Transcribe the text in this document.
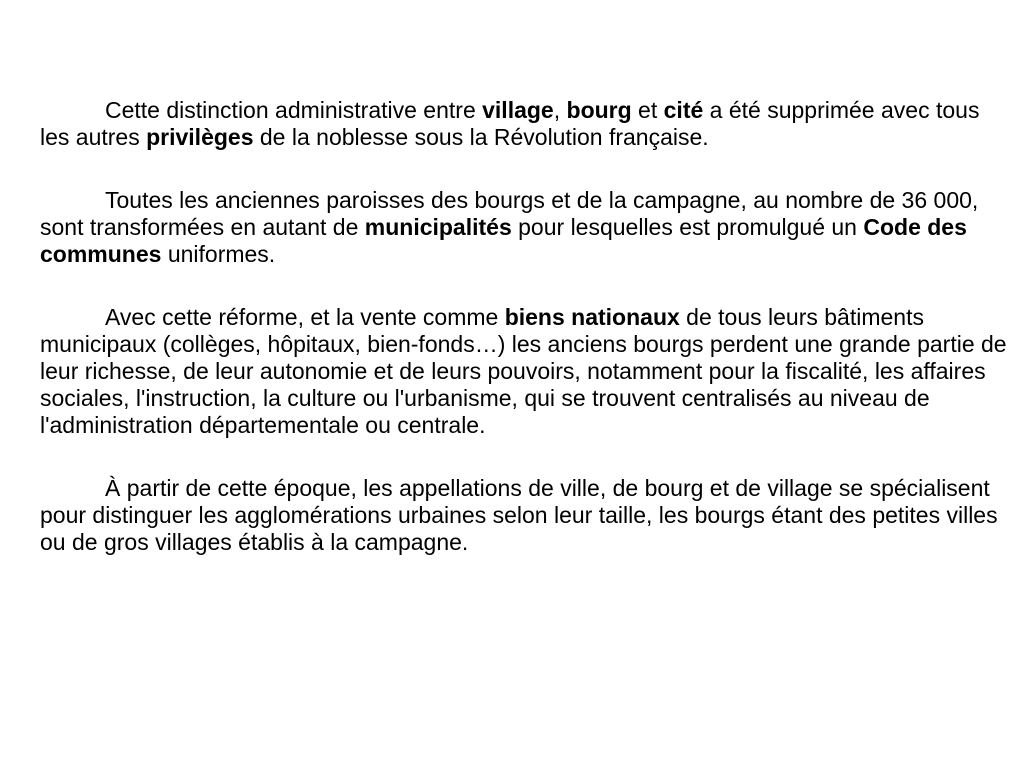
Cette distinction administrative entre village, bourg et cité a été supprimée avec tous les autres privilèges de la noblesse sous la Révolution française.

Toutes les anciennes paroisses des bourgs et de la campagne, au nombre de 36 000, sont transformées en autant de municipalités pour lesquelles est promulgué un Code des communes uniformes.

Avec cette réforme, et la vente comme biens nationaux de tous leurs bâtiments municipaux (collèges, hôpitaux, bien-fonds…) les anciens bourgs perdent une grande partie de leur richesse, de leur autonomie et de leurs pouvoirs, notamment pour la fiscalité, les affaires sociales, l'instruction, la culture ou l'urbanisme, qui se trouvent centralisés au niveau de l'administration départementale ou centrale.

À partir de cette époque, les appellations de ville, de bourg et de village se spécialisent pour distinguer les agglomérations urbaines selon leur taille, les bourgs étant des petites villes ou de gros villages établis à la campagne.
